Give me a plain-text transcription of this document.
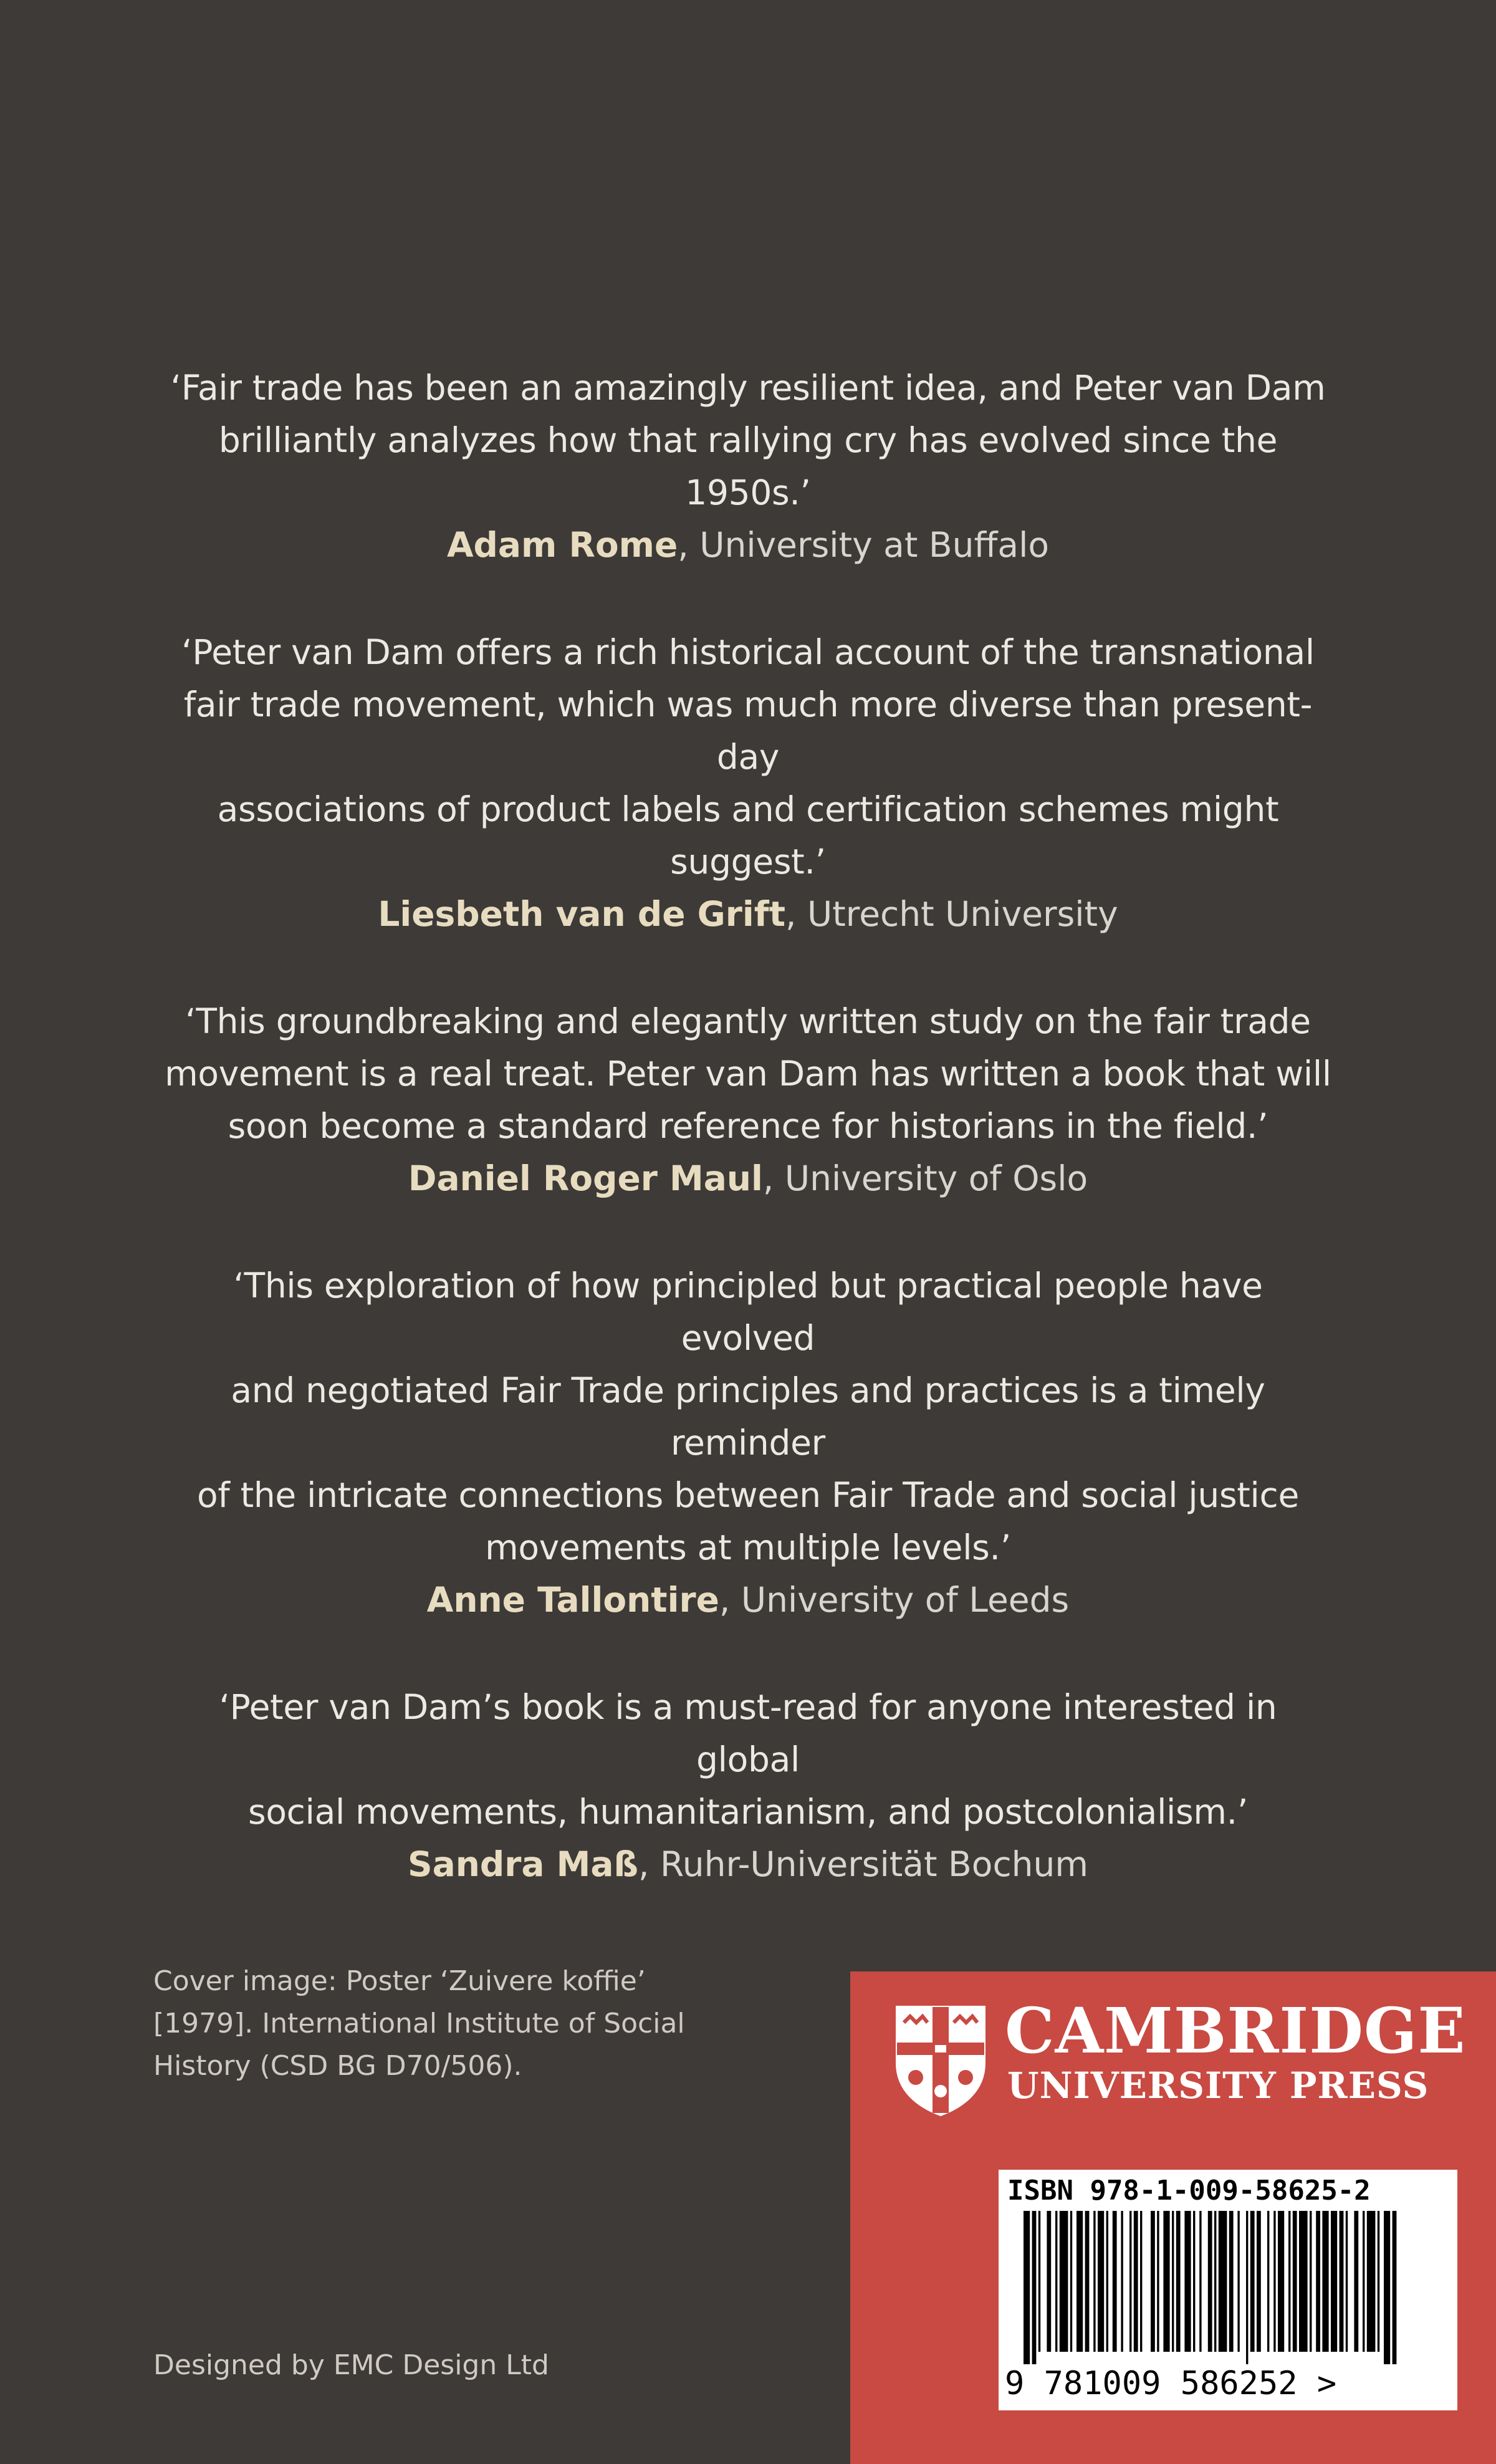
‘Fair trade has been an amazingly resilient idea, and Peter van Dam
brilliantly analyzes how that rallying cry has evolved since the 1950s.’

Adam Rome, University at Buffalo

‘Peter van Dam offers a rich historical account of the transnational
fair trade movement, which was much more diverse than present-day
associations of product labels and certification schemes might suggest.’

Liesbeth van de Grift, Utrecht University

‘This groundbreaking and elegantly written study on the fair trade
movement is a real treat. Peter van Dam has written a book that will
soon become a standard reference for historians in the field.’

Daniel Roger Maul, University of Oslo

‘This exploration of how principled but practical people have evolved
and negotiated Fair Trade principles and practices is a timely reminder
of the intricate connections between Fair Trade and social justice
movements at multiple levels.’

Anne Tallontire, University of Leeds

‘Peter van Dam’s book is a must-read for anyone interested in global
social movements, humanitarianism, and postcolonialism.’

Sandra Maß, Ruhr-Universität Bochum

Cover image: Poster ‘Zuivere koffie’
[1979]. International Institute of Social
History (CSD BG D70/506).
Designed by EMC Design Ltd
CAMBRIDGE
UNIVERSITY PRESS
ISBN 978-1-009-58625-2
9 781009 586252 >
